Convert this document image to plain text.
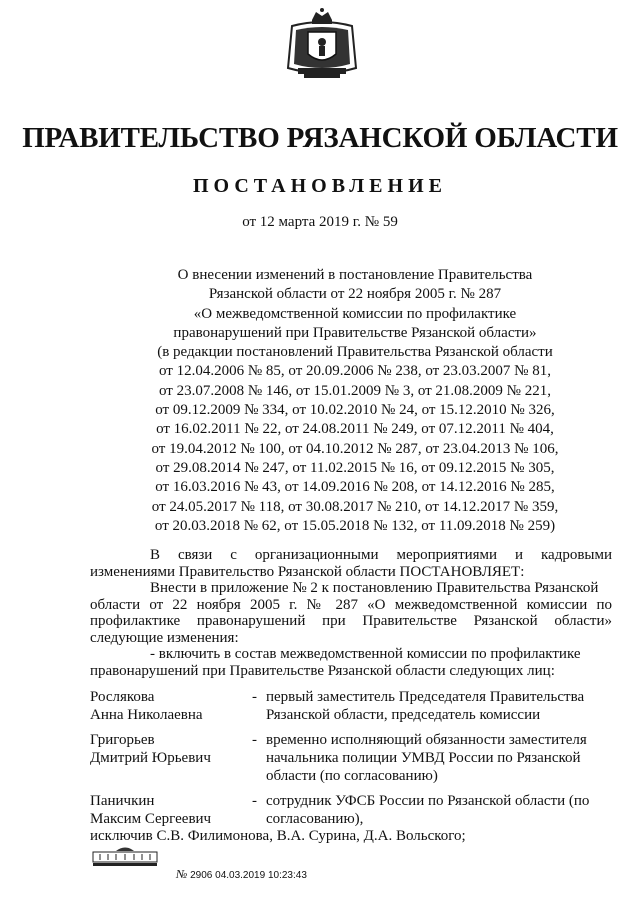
ПРАВИТЕЛЬСТВО РЯЗАНСКОЙ ОБЛАСТИ
ПОСТАНОВЛЕНИЕ
от 12 марта 2019 г. № 59
О внесении изменений в постановление Правительства
Рязанской области от 22 ноября 2005 г. № 287
«О межведомственной комиссии по профилактике
правонарушений при Правительстве Рязанской области»
(в редакции постановлений Правительства Рязанской области
от 12.04.2006 № 85, от 20.09.2006 № 238, от 23.03.2007 № 81,
от 23.07.2008 № 146, от 15.01.2009 № 3, от 21.08.2009 № 221,
от 09.12.2009 № 334, от 10.02.2010 № 24, от 15.12.2010 № 326,
от 16.02.2011 № 22, от 24.08.2011 № 249, от 07.12.2011 № 404,
от 19.04.2012 № 100, от 04.10.2012 № 287, от 23.04.2013 № 106,
от 29.08.2014 № 247, от 11.02.2015 № 16, от 09.12.2015 № 305,
от 16.03.2016 № 43, от 14.09.2016 № 208, от 14.12.2016 № 285,
от 24.05.2017 № 118, от 30.08.2017 № 210, от 14.12.2017 № 359,
от 20.03.2018 № 62, от 15.05.2018 № 132, от 11.09.2018 № 259)
В связи с организационными мероприятиями и кадровыми
изменениями Правительство Рязанской области ПОСТАНОВЛЯЕТ:
Внести в приложение № 2 к постановлению Правительства Рязанской
области от 22 ноября 2005 г. № 287 «О межведомственной комиссии по
профилактике правонарушений при Правительстве Рязанской области»
следующие изменения:
- включить в состав межведомственной комиссии по профилактике
правонарушений при Правительстве Рязанской области следующих лиц:
Рослякова
Анна Николаевна
- первый заместитель Председателя Правительства
Рязанской области, председатель комиссии
Григорьев
Дмитрий Юрьевич
- временно исполняющий обязанности заместителя
начальника полиции УМВД России по Рязанской
области (по согласованию)
Паничкин
Максим Сергеевич
- сотрудник УФСБ России по Рязанской области (по
согласованию),
исключив С.В. Филимонова, В.А. Сурина, Д.А. Вольского;
№ 2906 04.03.2019 10:23:43
